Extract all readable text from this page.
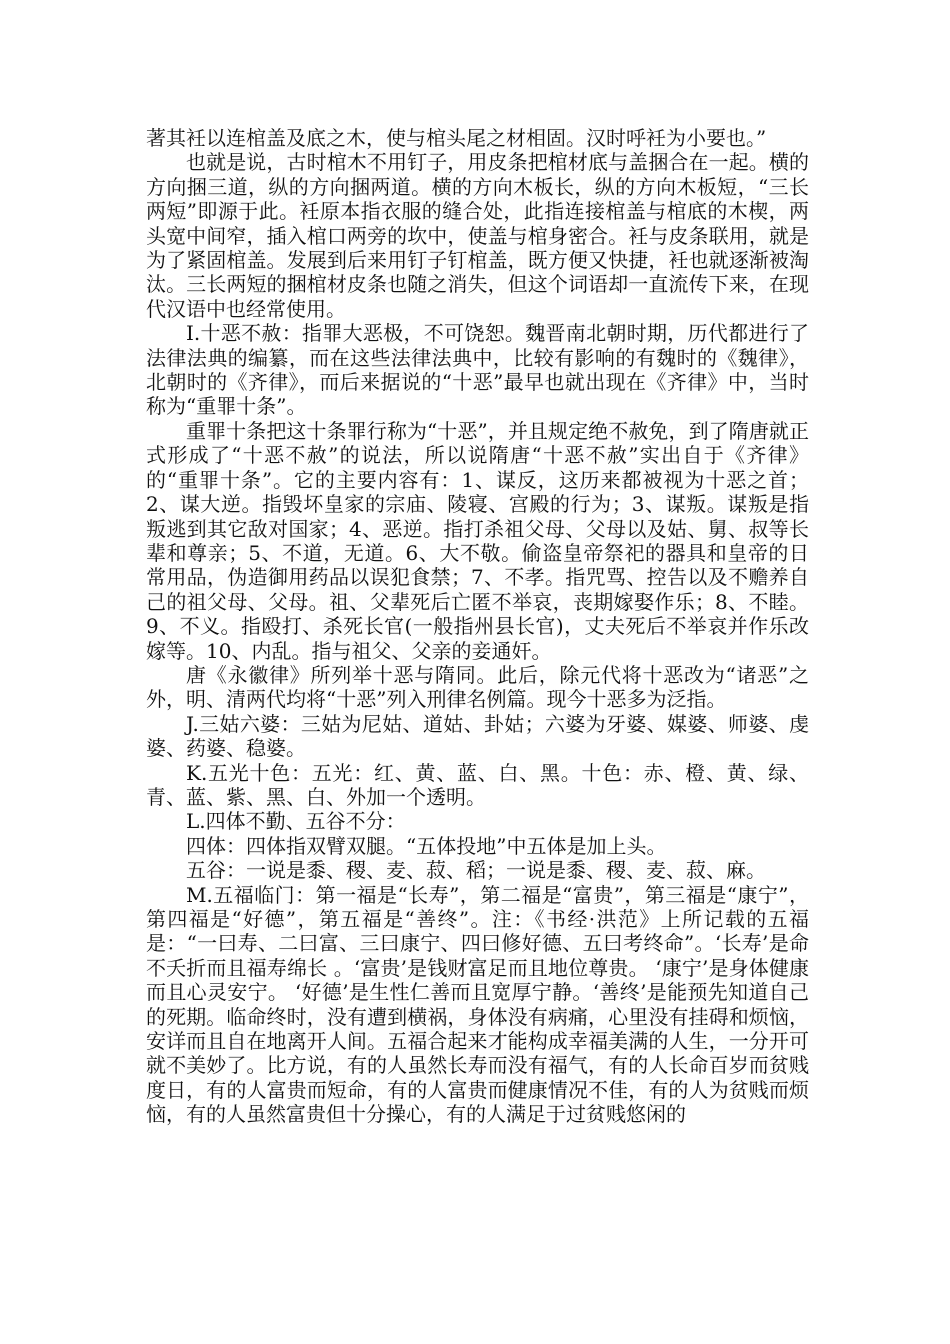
著其衽以连棺盖及底之木，使与棺头尾之材相固。汉时呼衽为小要也。”

也就是说，古时棺木不用钉子，用皮条把棺材底与盖捆合在一起。横的方向捆三道，纵的方向捆两道。横的方向木板长，纵的方向木板短，“三长两短”即源于此。衽原本指衣服的缝合处，此指连接棺盖与棺底的木楔，两头宽中间窄，插入棺口两旁的坎中，使盖与棺身密合。衽与皮条联用，就是为了紧固棺盖。发展到后来用钉子钉棺盖，既方便又快捷，衽也就逐渐被淘汰。三长两短的捆棺材皮条也随之消失，但这个词语却一直流传下来，在现代汉语中也经常使用。

I.十恶不赦：指罪大恶极，不可饶恕。魏晋南北朝时期，历代都进行了法律法典的编纂，而在这些法律法典中，比较有影响的有魏时的《魏律》，北朝时的《齐律》，而后来据说的“十恶”最早也就出现在《齐律》中，当时称为“重罪十条”。

重罪十条把这十条罪行称为“十恶”，并且规定绝不赦免，到了隋唐就正式形成了“十恶不赦”的说法，所以说隋唐“十恶不赦”实出自于《齐律》的“重罪十条”。它的主要内容有：1、谋反，这历来都被视为十恶之首；2、谋大逆。指毁坏皇家的宗庙、陵寝、宫殿的行为；3、谋叛。谋叛是指叛逃到其它敌对国家；4、恶逆。指打杀祖父母、父母以及姑、舅、叔等长辈和尊亲；5、不道，无道。6、大不敬。偷盗皇帝祭祀的器具和皇帝的日常用品，伪造御用药品以误犯食禁；7、不孝。指咒骂、控告以及不赡养自己的祖父母、父母。祖、父辈死后亡匿不举哀，丧期嫁娶作乐；8、不睦。9、不义。指殴打、杀死长官(一般指州县长官)，丈夫死后不举哀并作乐改嫁等。10、内乱。指与祖父、父亲的妾通奸。

唐《永徽律》所列举十恶与隋同。此后，除元代将十恶改为“诸恶”之外，明、清两代均将“十恶”列入刑律名例篇。现今十恶多为泛指。

J.三姑六婆：三姑为尼姑、道姑、卦姑；六婆为牙婆、媒婆、师婆、虔婆、药婆、稳婆。

K.五光十色：五光：红、黄、蓝、白、黑。十色：赤、橙、黄、绿、青、蓝、紫、黑、白、外加一个透明。

L.四体不勤、五谷不分：

四体：四体指双臂双腿。“五体投地”中五体是加上头。

五谷：一说是黍、稷、麦、菽、稻；一说是黍、稷、麦、菽、麻。

M.五福临门：第一福是“长寿”，第二福是“富贵”，第三福是“康宁”，第四福是“好德”，第五福是“善终”。注：《书经·洪范》上所记载的五福是：“一曰寿、二曰富、三曰康宁、四曰修好德、五曰考终命”。‘长寿’是命不夭折而且福寿绵长 。‘富贵’是钱财富足而且地位尊贵。 ‘康宁’是身体健康而且心灵安宁。 ‘好德’是生性仁善而且宽厚宁静。‘善终’是能预先知道自己的死期。临命终时，没有遭到横祸，身体没有病痛，心里没有挂碍和烦恼，安详而且自在地离开人间。五福合起来才能构成幸福美满的人生，一分开可就不美妙了。比方说，有的人虽然长寿而没有福气，有的人长命百岁而贫贱度日，有的人富贵而短命，有的人富贵而健康情况不佳，有的人为贫贱而烦恼，有的人虽然富贵但十分操心，有的人满足于过贫贱悠闲的
